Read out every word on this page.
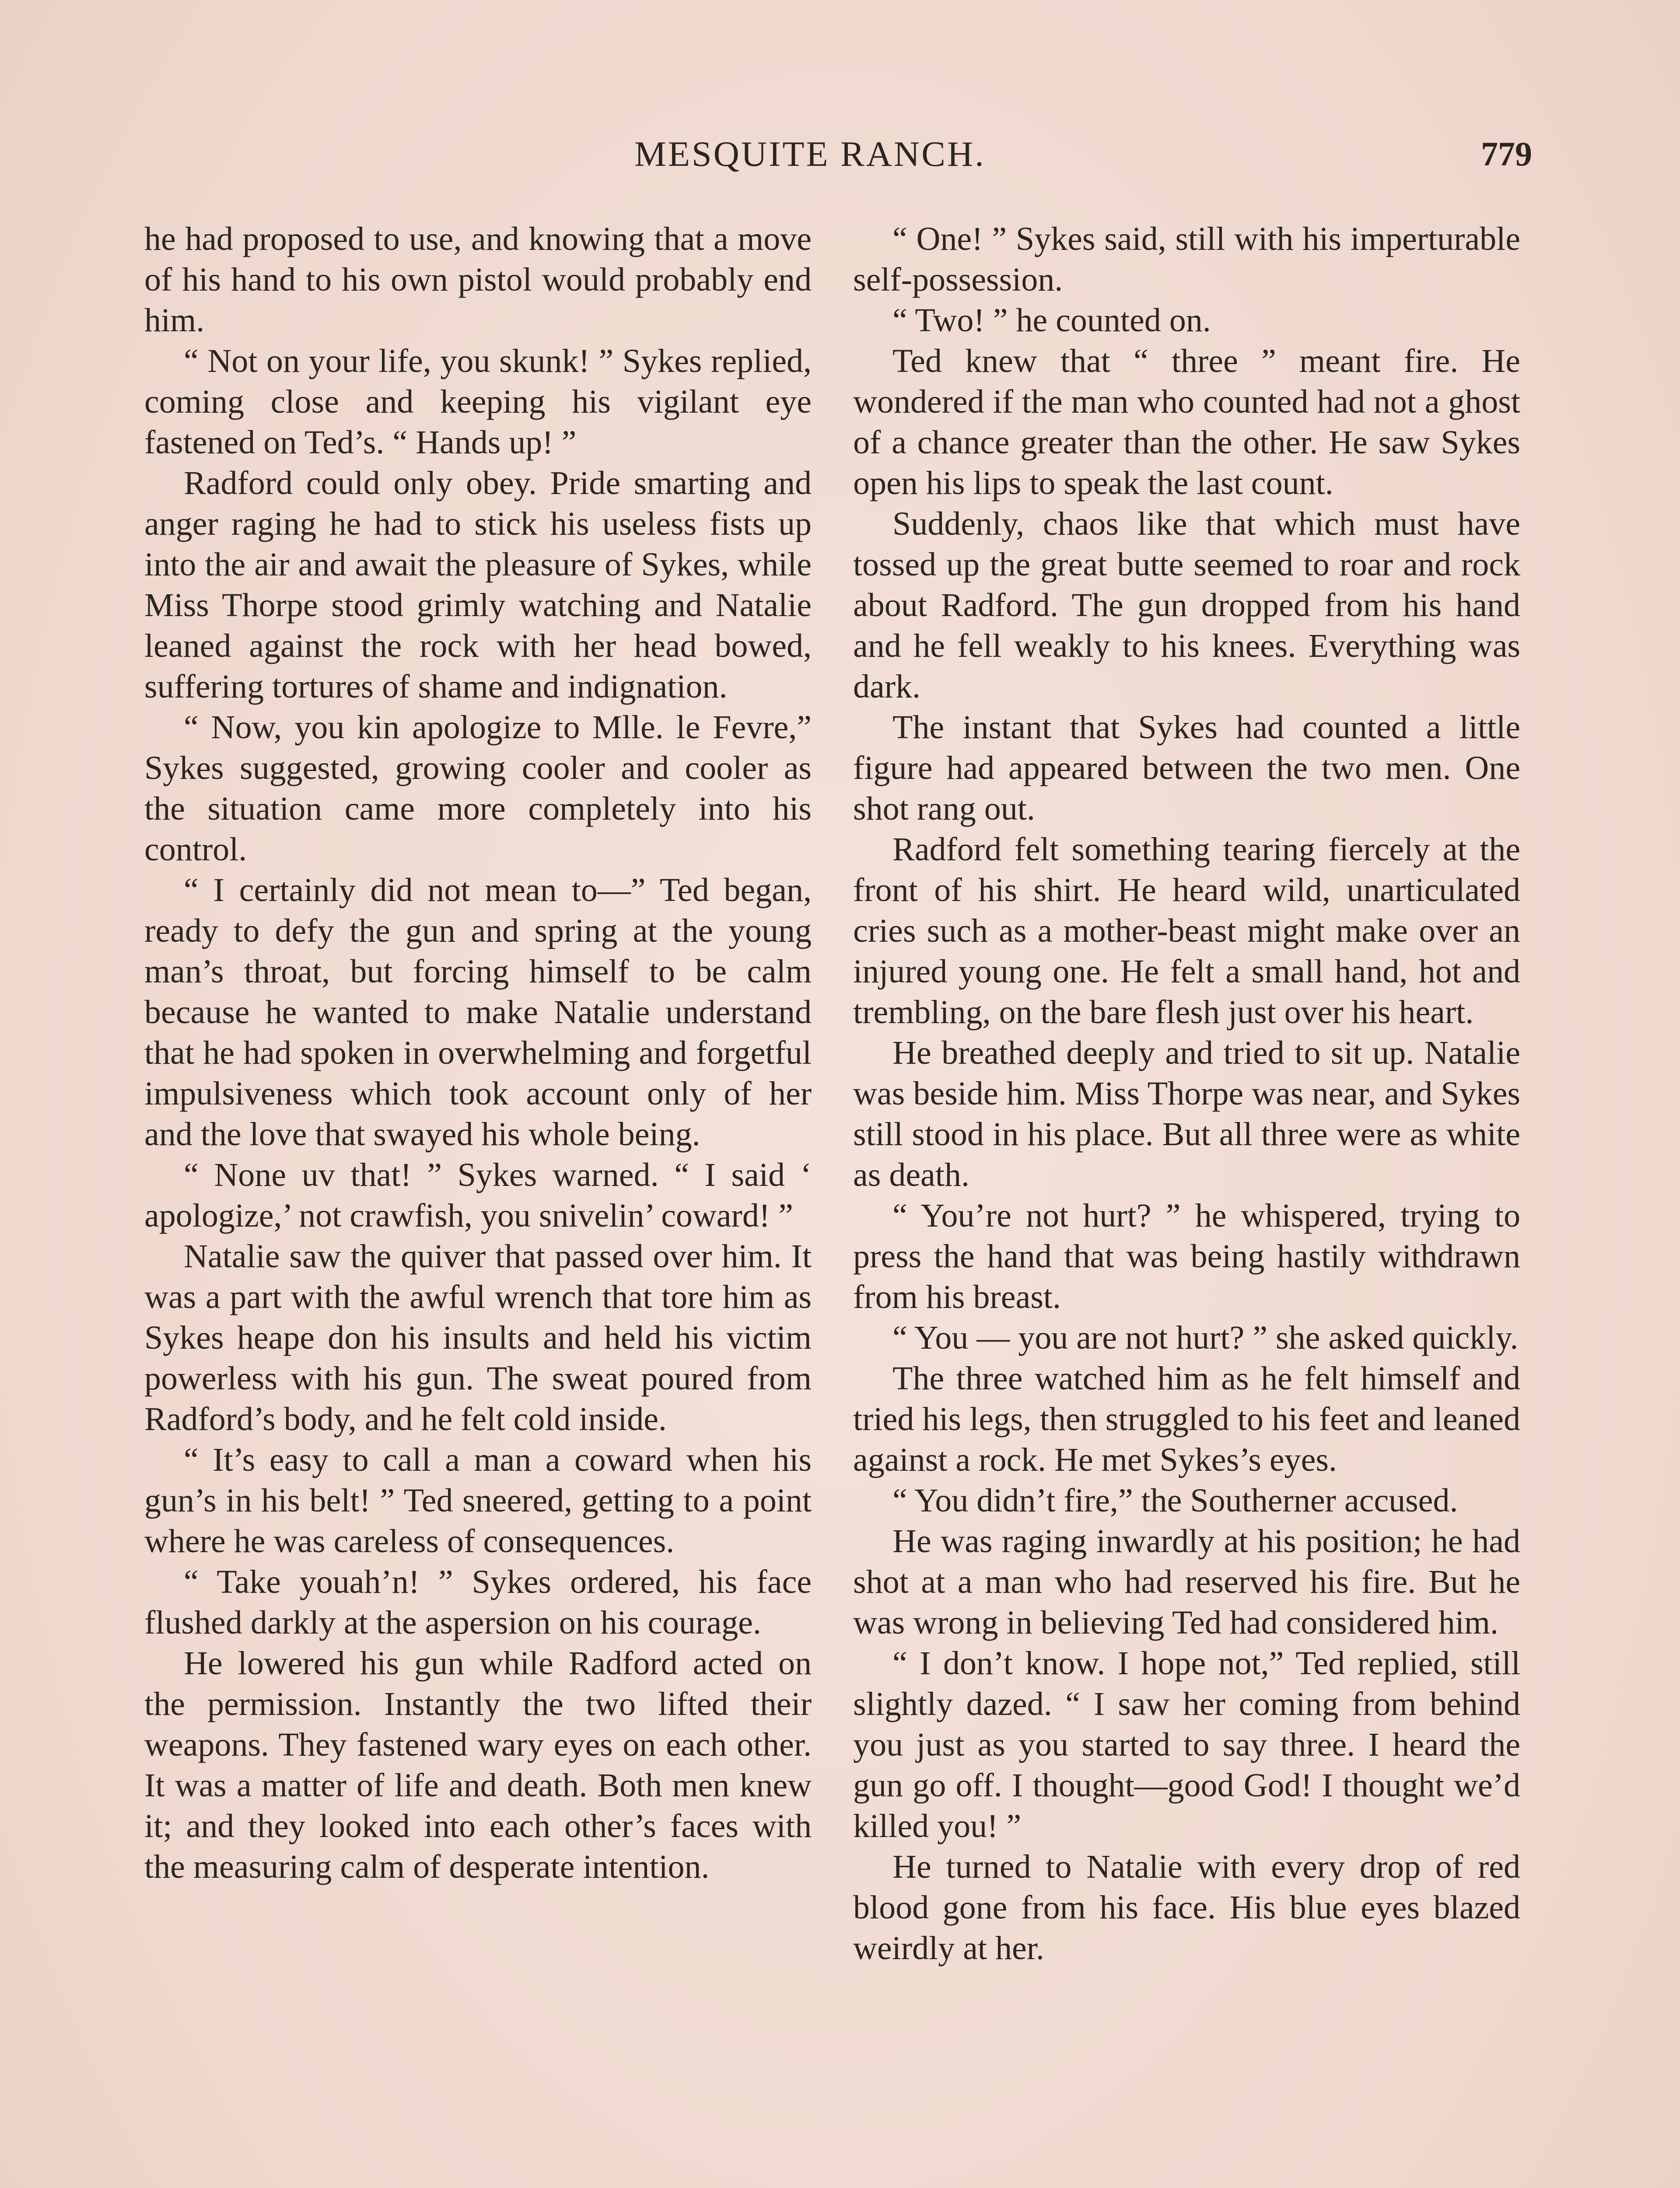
MESQUITE RANCH.	779

he had proposed to use, and knowing that a move of his hand to his own pistol would probably end him.

“ Not on your life, you skunk! ” Sykes replied, coming close and keeping his vigilant eye fastened on Ted’s. “ Hands up! ”

Radford could only obey. Pride smarting and anger raging he had to stick his useless fists up into the air and await the pleasure of Sykes, while Miss Thorpe stood grimly watching and Natalie leaned against the rock with her head bowed, suffering tortures of shame and indignation.

“ Now, you kin apologize to Mlle. le Fevre,” Sykes suggested, growing cooler and cooler as the situation came more completely into his control.

“ I certainly did not mean to—” Ted began, ready to defy the gun and spring at the young man’s throat, but forcing himself to be calm because he wanted to make Natalie understand that he had spoken in overwhelming and forgetful impulsiveness which took account only of her and the love that swayed his whole being.

“ None uv that! ” Sykes warned. “ I said ‘ apologize,’ not crawfish, you snivelin’ coward! ”

Natalie saw the quiver that passed over him. It was a part with the awful wrench that tore him as Sykes heape don his insults and held his victim powerless with his gun. The sweat poured from Radford’s body, and he felt cold inside.

“ It’s easy to call a man a coward when his gun’s in his belt! ” Ted sneered, getting to a point where he was careless of consequences.

“ Take youah’n! ” Sykes ordered, his face flushed darkly at the aspersion on his courage.

He lowered his gun while Radford acted on the permission. Instantly the two lifted their weapons. They fastened wary eyes on each other. It was a matter of life and death. Both men knew it; and they looked into each other’s faces with the measuring calm of desperate intention.

“ One! ” Sykes said, still with his imperturable self-possession.

“ Two! ” he counted on.

Ted knew that “ three ” meant fire. He wondered if the man who counted had not a ghost of a chance greater than the other. He saw Sykes open his lips to speak the last count.

Suddenly, chaos like that which must have tossed up the great butte seemed to roar and rock about Radford. The gun dropped from his hand and he fell weakly to his knees. Everything was dark.

The instant that Sykes had counted a little figure had appeared between the two men. One shot rang out.

Radford felt something tearing fiercely at the front of his shirt. He heard wild, unarticulated cries such as a mother-beast might make over an injured young one. He felt a small hand, hot and trembling, on the bare flesh just over his heart.

He breathed deeply and tried to sit up. Natalie was beside him. Miss Thorpe was near, and Sykes still stood in his place. But all three were as white as death.

“ You’re not hurt? ” he whispered, trying to press the hand that was being hastily withdrawn from his breast.

“ You — you are not hurt? ” she asked quickly.

The three watched him as he felt himself and tried his legs, then struggled to his feet and leaned against a rock. He met Sykes’s eyes.

“ You didn’t fire,” the Southerner accused.

He was raging inwardly at his position; he had shot at a man who had reserved his fire. But he was wrong in believing Ted had considered him.

“ I don’t know. I hope not,” Ted replied, still slightly dazed. “ I saw her coming from behind you just as you started to say three. I heard the gun go off. I thought—good God! I thought we’d killed you! ”

He turned to Natalie with every drop of red blood gone from his face. His blue eyes blazed weirdly at her.
